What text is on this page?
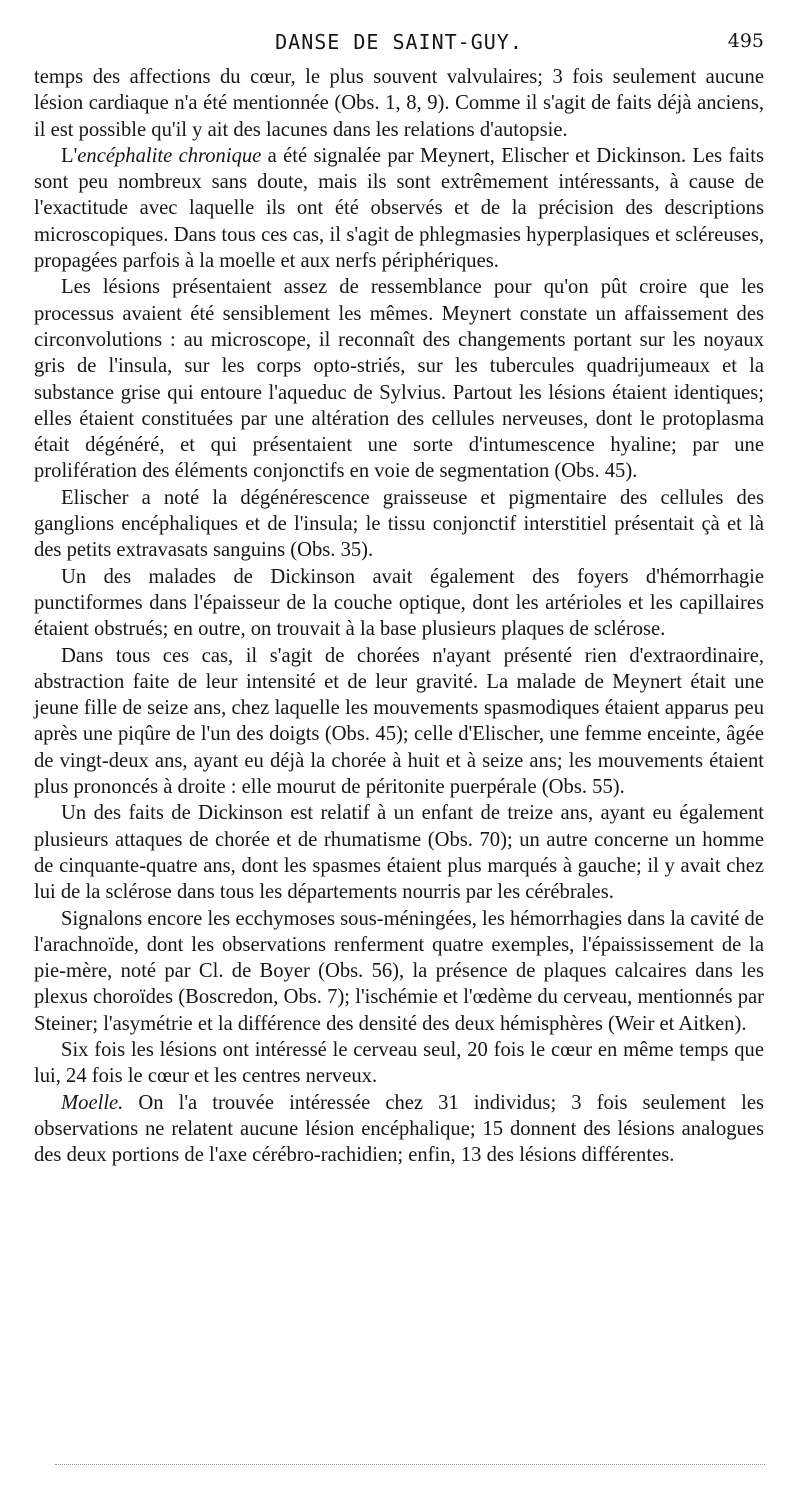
DANSE DE SAINT-GUY.	495

temps des affections du cœur, le plus souvent valvulaires; 3 fois seulement aucune lésion cardiaque n'a été mentionnée (Obs. 1, 8, 9). Comme il s'agit de faits déjà anciens, il est possible qu'il y ait des lacunes dans les relations d'autopsie.

L'encéphalite chronique a été signalée par Meynert, Elischer et Dickinson. Les faits sont peu nombreux sans doute, mais ils sont extrêmement intéressants, à cause de l'exactitude avec laquelle ils ont été observés et de la précision des descriptions microscopiques. Dans tous ces cas, il s'agit de phlegmasies hyperplasiques et scléreuses, propagées parfois à la moelle et aux nerfs périphériques.

Les lésions présentaient assez de ressemblance pour qu'on pût croire que les processus avaient été sensiblement les mêmes. Meynert constate un affaissement des circonvolutions : au microscope, il reconnaît des changements portant sur les noyaux gris de l'insula, sur les corps opto-striés, sur les tubercules quadrijumeaux et la substance grise qui entoure l'aqueduc de Sylvius. Partout les lésions étaient identiques; elles étaient constituées par une altération des cellules nerveuses, dont le protoplasma était dégénéré, et qui présentaient une sorte d'intumescence hyaline; par une prolifération des éléments conjonctifs en voie de segmentation (Obs. 45).

Elischer a noté la dégénérescence graisseuse et pigmentaire des cellules des ganglions encéphaliques et de l'insula; le tissu conjonctif interstitiel présentait çà et là des petits extravasats sanguins (Obs. 35).

Un des malades de Dickinson avait également des foyers d'hémorrhagie punctiformes dans l'épaisseur de la couche optique, dont les artérioles et les capillaires étaient obstrués; en outre, on trouvait à la base plusieurs plaques de sclérose.

Dans tous ces cas, il s'agit de chorées n'ayant présenté rien d'extraordinaire, abstraction faite de leur intensité et de leur gravité. La malade de Meynert était une jeune fille de seize ans, chez laquelle les mouvements spasmodiques étaient apparus peu après une piqûre de l'un des doigts (Obs. 45); celle d'Elischer, une femme enceinte, âgée de vingt-deux ans, ayant eu déjà la chorée à huit et à seize ans; les mouvements étaient plus prononcés à droite : elle mourut de péritonite puerpérale (Obs. 55).

Un des faits de Dickinson est relatif à un enfant de treize ans, ayant eu également plusieurs attaques de chorée et de rhumatisme (Obs. 70); un autre concerne un homme de cinquante-quatre ans, dont les spasmes étaient plus marqués à gauche; il y avait chez lui de la sclérose dans tous les départements nourris par les cérébrales.

Signalons encore les ecchymoses sous-méningées, les hémorrhagies dans la cavité de l'arachnoïde, dont les observations renferment quatre exemples, l'épaississement de la pie-mère, noté par Cl. de Boyer (Obs. 56), la présence de plaques calcaires dans les plexus choroïdes (Boscredon, Obs. 7); l'ischémie et l'œdème du cerveau, mentionnés par Steiner; l'asymétrie et la différence des densité des deux hémisphères (Weir et Aitken).

Six fois les lésions ont intéressé le cerveau seul, 20 fois le cœur en même temps que lui, 24 fois le cœur et les centres nerveux.

Moelle. On l'a trouvée intéressée chez 31 individus; 3 fois seulement les observations ne relatent aucune lésion encéphalique; 15 donnent des lésions analogues des deux portions de l'axe cérébro-rachidien; enfin, 13 des lésions différentes.
